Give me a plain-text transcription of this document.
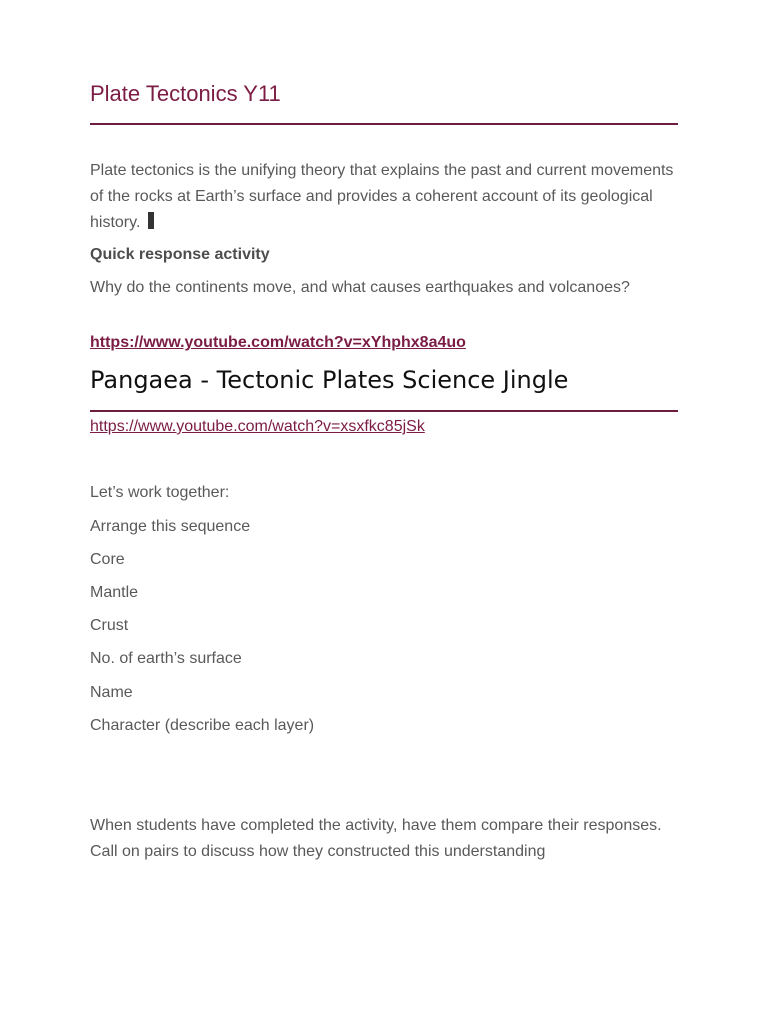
Plate Tectonics Y11
Plate tectonics is the unifying theory that explains the past and current movements of the rocks at Earth’s surface and provides a coherent account of its geological history.
Quick response activity
Why do the continents move, and what causes earthquakes and volcanoes?
https://www.youtube.com/watch?v=xYhphx8a4uo
Pangaea - Tectonic Plates Science Jingle
https://www.youtube.com/watch?v=xsxfkc85jSk
Let’s work together:
Arrange this sequence
Core
Mantle
Crust
No. of earth’s surface
Name
Character (describe each layer)
When students have completed the activity, have them compare their responses. Call on pairs to discuss how they constructed this understanding
